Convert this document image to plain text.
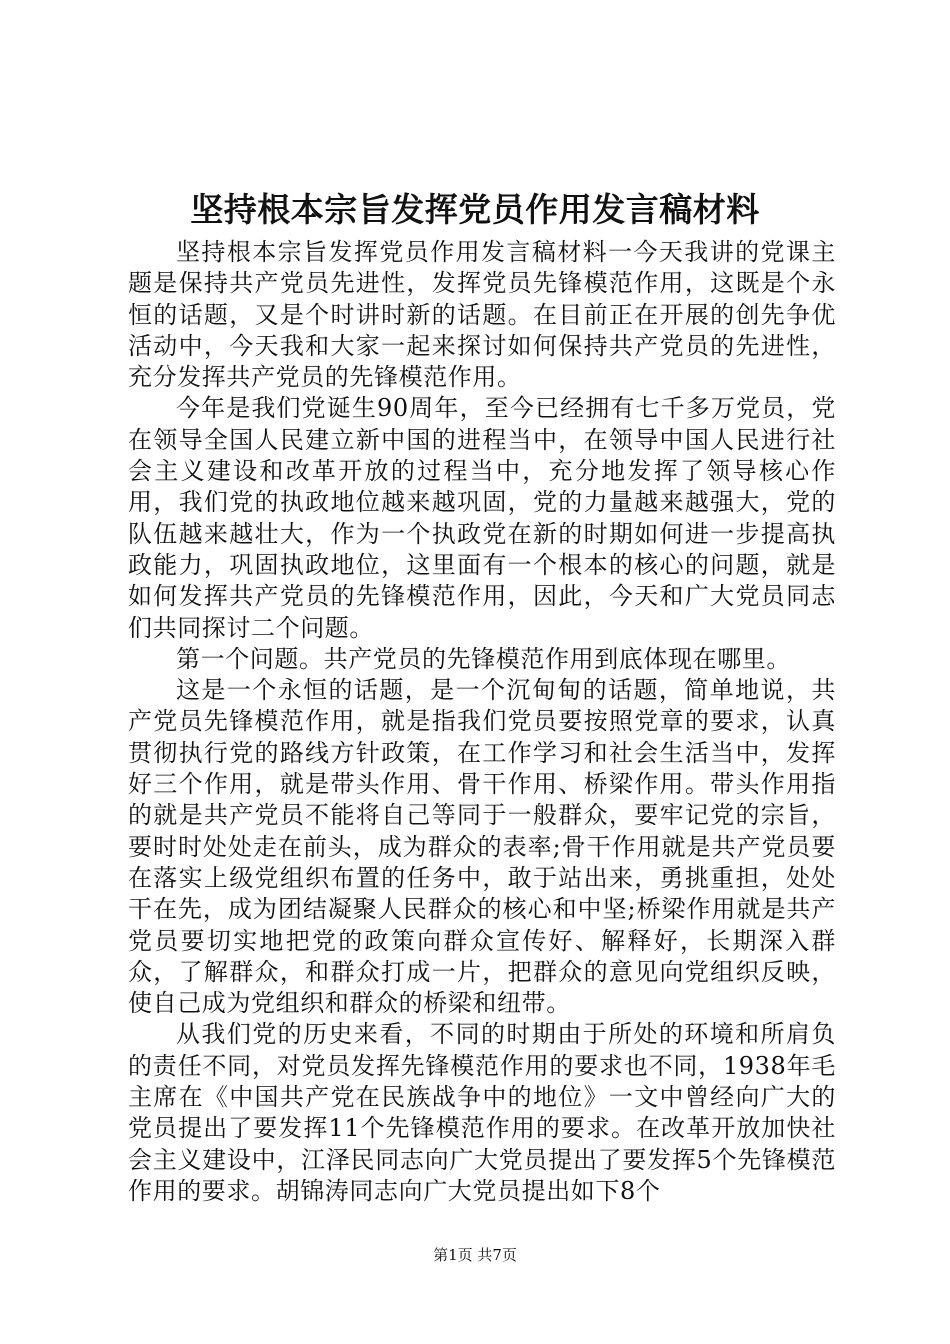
坚持根本宗旨发挥党员作用发言稿材料

坚持根本宗旨发挥党员作用发言稿材料一今天我讲的党课主题是保持共产党员先进性，发挥党员先锋模范作用，这既是个永恒的话题，又是个时讲时新的话题。在目前正在开展的创先争优活动中，今天我和大家一起来探讨如何保持共产党员的先进性，充分发挥共产党员的先锋模范作用。

今年是我们党诞生90周年，至今已经拥有七千多万党员，党在领导全国人民建立新中国的进程当中，在领导中国人民进行社会主义建设和改革开放的过程当中，充分地发挥了领导核心作用，我们党的执政地位越来越巩固，党的力量越来越强大，党的队伍越来越壮大，作为一个执政党在新的时期如何进一步提高执政能力，巩固执政地位，这里面有一个根本的核心的问题，就是如何发挥共产党员的先锋模范作用，因此，今天和广大党员同志们共同探讨二个问题。

第一个问题。共产党员的先锋模范作用到底体现在哪里。

这是一个永恒的话题，是一个沉甸甸的话题，简单地说，共产党员先锋模范作用，就是指我们党员要按照党章的要求，认真贯彻执行党的路线方针政策，在工作学习和社会生活当中，发挥好三个作用，就是带头作用、骨干作用、桥梁作用。带头作用指的就是共产党员不能将自己等同于一般群众，要牢记党的宗旨，要时时处处走在前头，成为群众的表率;骨干作用就是共产党员要在落实上级党组织布置的任务中，敢于站出来，勇挑重担，处处干在先，成为团结凝聚人民群众的核心和中坚;桥梁作用就是共产党员要切实地把党的政策向群众宣传好、解释好，长期深入群众，了解群众，和群众打成一片，把群众的意见向党组织反映，使自己成为党组织和群众的桥梁和纽带。

从我们党的历史来看，不同的时期由于所处的环境和所肩负的责任不同，对党员发挥先锋模范作用的要求也不同，1938年毛主席在《中国共产党在民族战争中的地位》一文中曾经向广大的党员提出了要发挥11个先锋模范作用的要求。在改革开放加快社会主义建设中，江泽民同志向广大党员提出了要发挥5个先锋模范作用的要求。胡锦涛同志向广大党员提出如下8个

第1页 共7页
